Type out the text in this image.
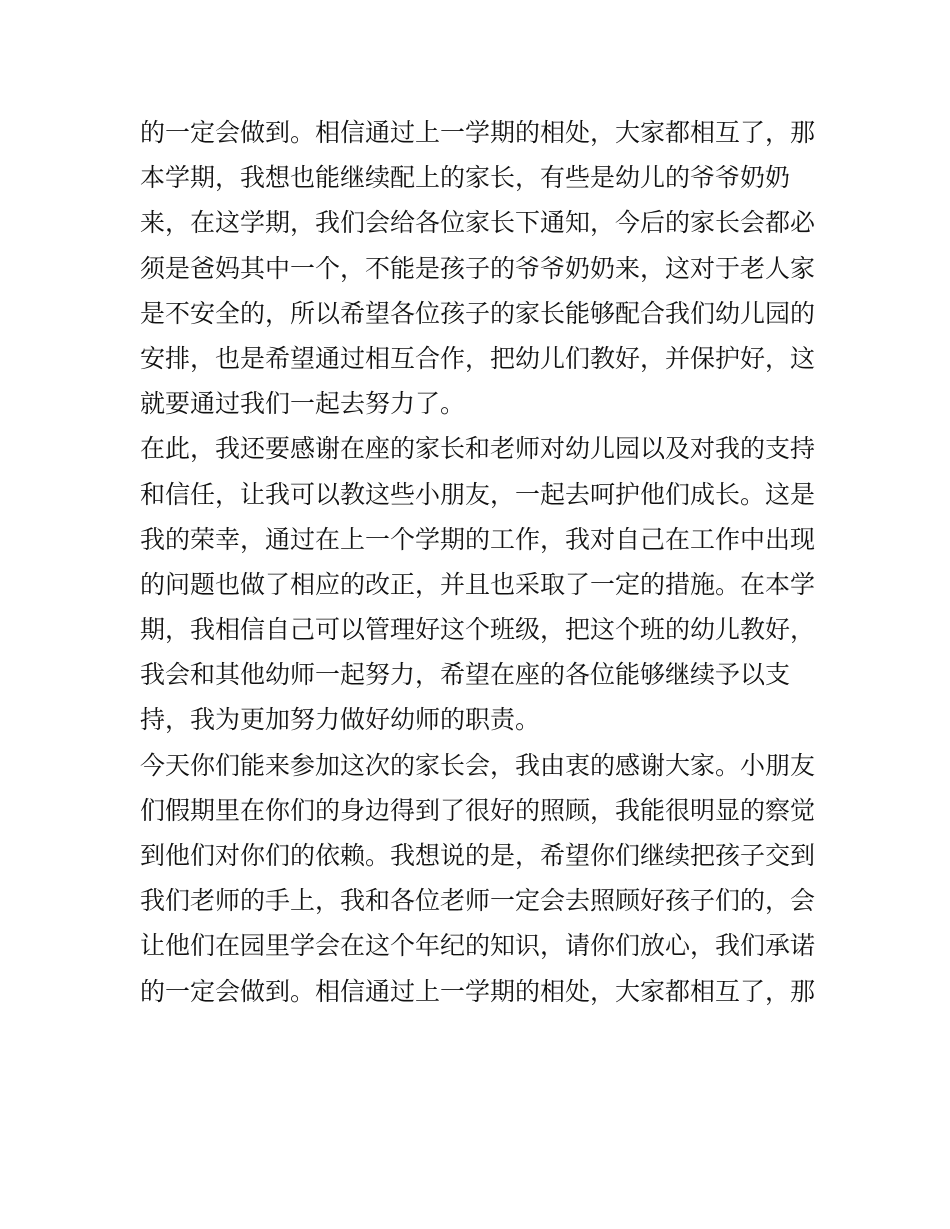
的一定会做到。相信通过上一学期的相处，大家都相互了，那
本学期，我想也能继续配上的家长，有些是幼儿的爷爷奶奶
来，在这学期，我们会给各位家长下通知，今后的家长会都必
须是爸妈其中一个，不能是孩子的爷爷奶奶来，这对于老人家
是不安全的，所以希望各位孩子的家长能够配合我们幼儿园的
安排，也是希望通过相互合作，把幼儿们教好，并保护好，这
就要通过我们一起去努力了。
在此，我还要感谢在座的家长和老师对幼儿园以及对我的支持
和信任，让我可以教这些小朋友，一起去呵护他们成长。这是
我的荣幸，通过在上一个学期的工作，我对自己在工作中出现
的问题也做了相应的改正，并且也采取了一定的措施。在本学
期，我相信自己可以管理好这个班级，把这个班的幼儿教好，
我会和其他幼师一起努力，希望在座的各位能够继续予以支
持，我为更加努力做好幼师的职责。
今天你们能来参加这次的家长会，我由衷的感谢大家。小朋友
们假期里在你们的身边得到了很好的照顾，我能很明显的察觉
到他们对你们的依赖。我想说的是，希望你们继续把孩子交到
我们老师的手上，我和各位老师一定会去照顾好孩子们的，会
让他们在园里学会在这个年纪的知识，请你们放心，我们承诺
的一定会做到。相信通过上一学期的相处，大家都相互了，那
